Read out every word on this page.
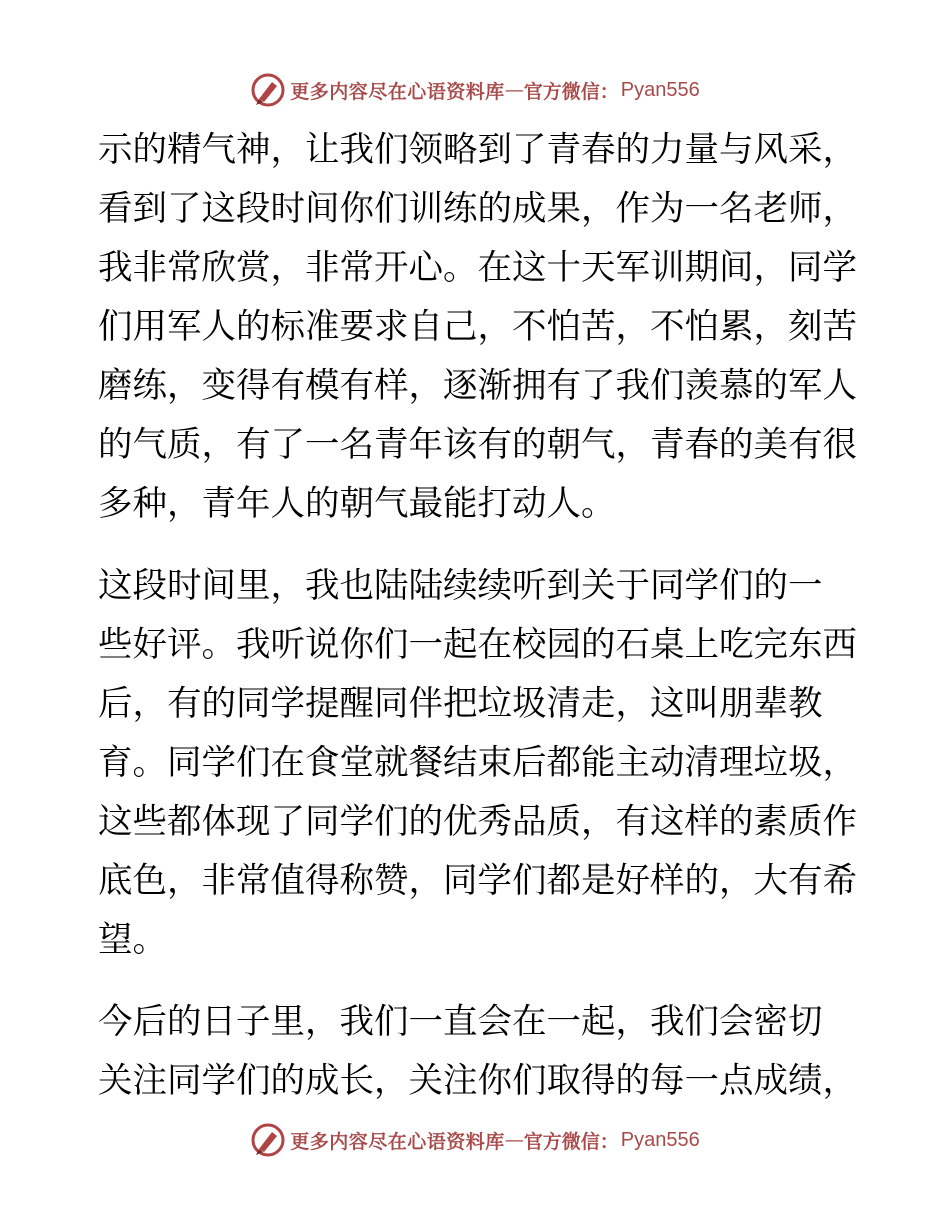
更多内容尽在心语资料库 — 官方微信： Pyan556
示的精气神，让我们领略到了青春的力量与风采，
看到了这段时间你们训练的成果，作为一名老师，
我非常欣赏，非常开心。在这十天军训期间，同学
们用军人的标准要求自己，不怕苦，不怕累，刻苦
磨练，变得有模有样，逐渐拥有了我们羡慕的军人
的气质，有了一名青年该有的朝气，青春的美有很
多种，青年人的朝气最能打动人。
这段时间里，我也陆陆续续听到关于同学们的一
些好评。我听说你们一起在校园的石桌上吃完东西
后，有的同学提醒同伴把垃圾清走，这叫朋辈教
育。同学们在食堂就餐结束后都能主动清理垃圾，
这些都体现了同学们的优秀品质，有这样的素质作
底色，非常值得称赞，同学们都是好样的，大有希
望。
今后的日子里，我们一直会在一起，我们会密切
关注同学们的成长，关注你们取得的每一点成绩，
更多内容尽在心语资料库 — 官方微信： Pyan556
